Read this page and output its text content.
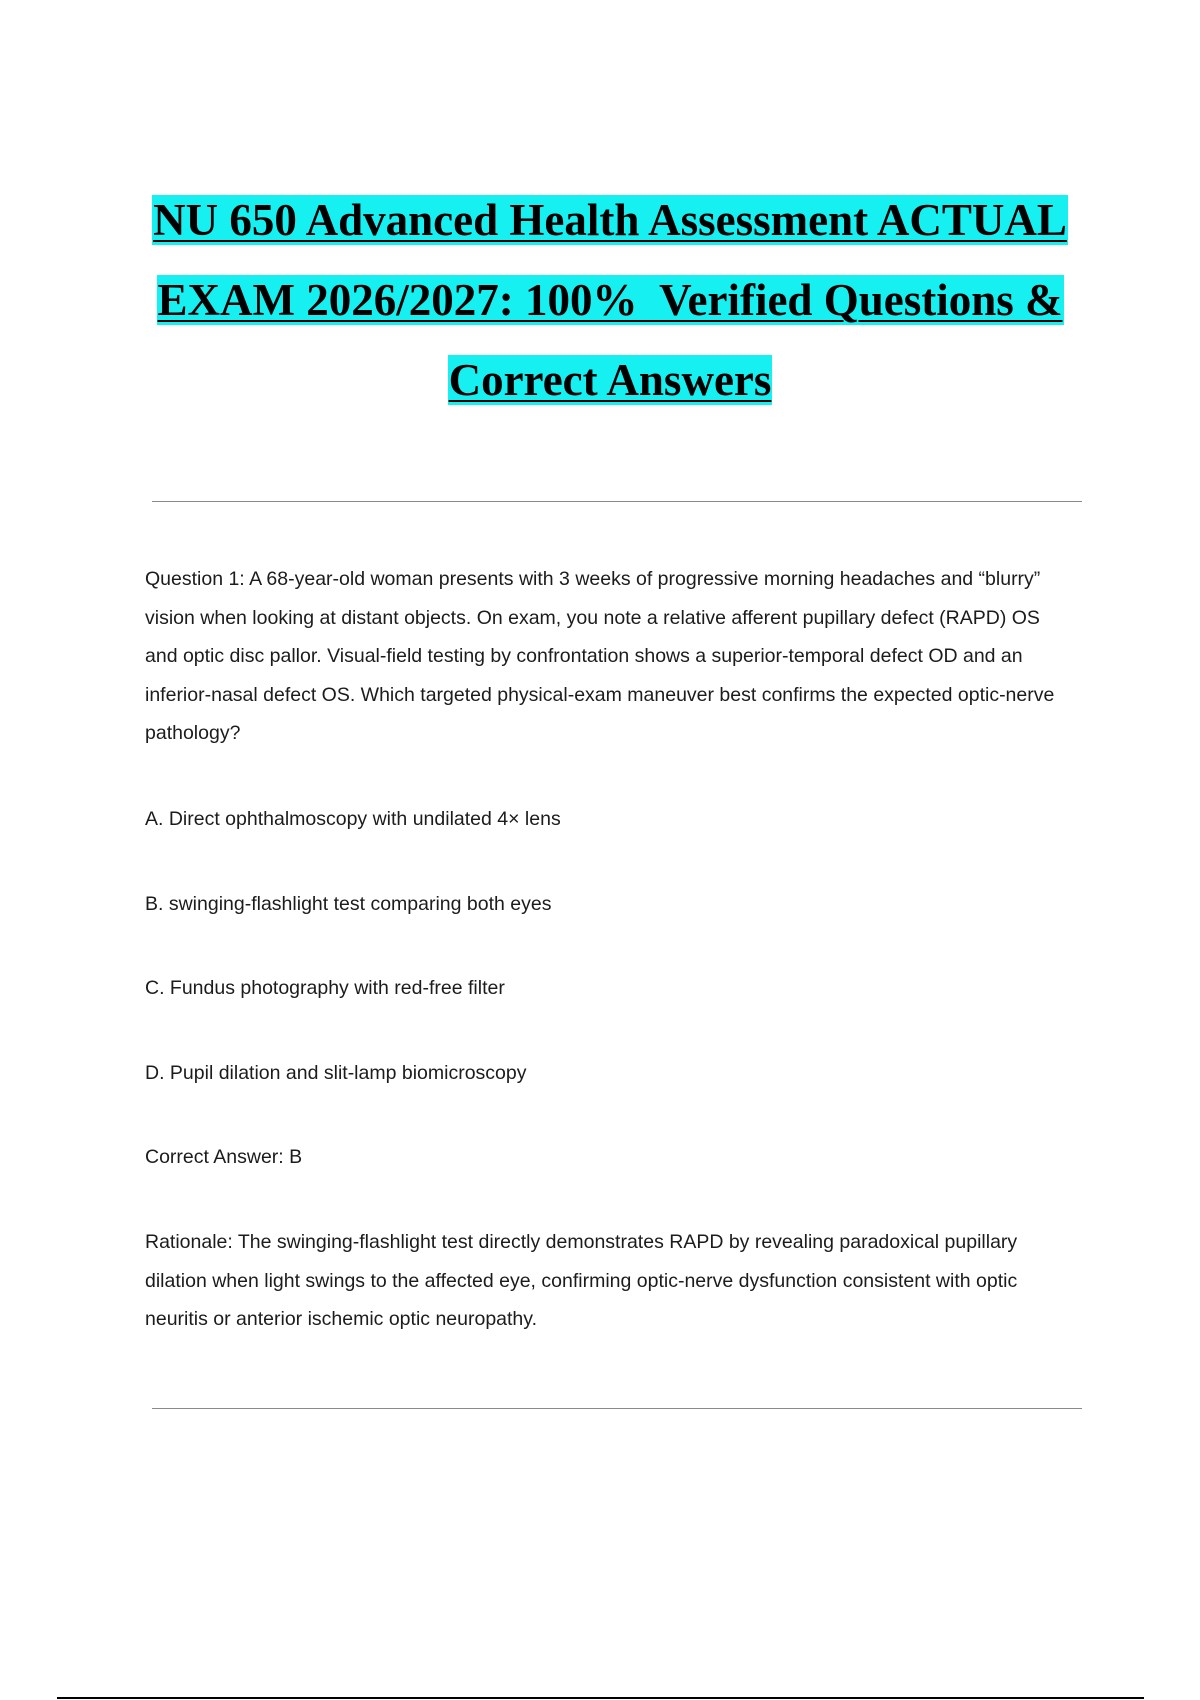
NU 650 Advanced Health Assessment ACTUAL
EXAM 2026/2027: 100%  Verified Questions &
Correct Answers
Question 1: A 68-year-old woman presents with 3 weeks of progressive morning headaches and “blurry” vision when looking at distant objects. On exam, you note a relative afferent pupillary defect (RAPD) OS and optic disc pallor. Visual-field testing by confrontation shows a superior-temporal defect OD and an inferior-nasal defect OS. Which targeted physical-exam maneuver best confirms the expected optic-nerve pathology?
A. Direct ophthalmoscopy with undilated 4× lens
B. swinging-flashlight test comparing both eyes
C. Fundus photography with red-free filter
D. Pupil dilation and slit-lamp biomicroscopy
Correct Answer: B
Rationale: The swinging-flashlight test directly demonstrates RAPD by revealing paradoxical pupillary dilation when light swings to the affected eye, confirming optic-nerve dysfunction consistent with optic neuritis or anterior ischemic optic neuropathy.
